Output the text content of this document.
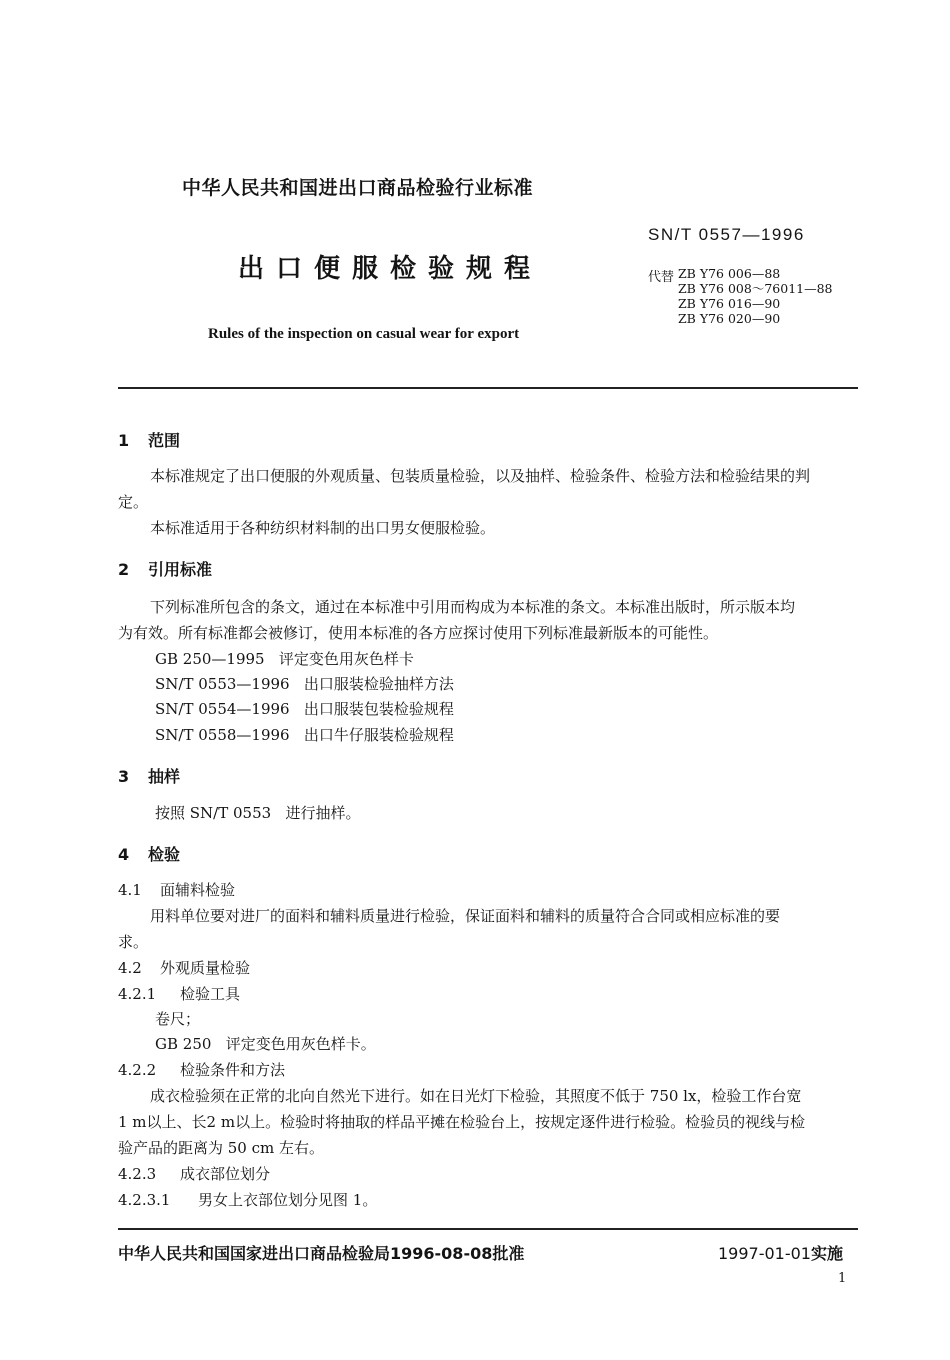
中华人民共和国进出口商品检验行业标准
SN/T 0557—1996
出口便服检验规程	代替 ZB Y76 006—88
ZB Y76 008～76011—88
ZB Y76 016—90
ZB Y76 020—90
Rules of the inspection on casual wear for export
1 范围
本标准规定了出口便服的外观质量、包装质量检验，以及抽样、检验条件、检验方法和检验结果的判
定。
本标准适用于各种纺织材料制的出口男女便服检验。
2 引用标准
下列标准所包含的条文，通过在本标准中引用而构成为本标准的条文。本标准出版时，所示版本均
为有效。所有标准都会被修订，使用本标准的各方应探讨使用下列标准最新版本的可能性。
GB 250—1995 评定变色用灰色样卡
SN/T 0553—1996 出口服装检验抽样方法
SN/T 0554—1996 出口服装包装检验规程
SN/T 0558—1996 出口牛仔服装检验规程
3 抽样
按照 SN/T 0553   进行抽样。
4 检验
4.1 面辅料检验
用料单位要对进厂的面料和辅料质量进行检验，保证面料和辅料的质量符合合同或相应标准的要
求。
4.2 外观质量检验
4.2.1 检验工具
卷尺；
GB 250   评定变色用灰色样卡。
4.2.2 检验条件和方法
成衣检验须在正常的北向自然光下进行。如在日光灯下检验，其照度不低于 750 lx，检验工作台宽
1 m以上、长2 m以上。检验时将抽取的样品平摊在检验台上，按规定逐件进行检验。检验员的视线与检
验产品的距离为 50 cm 左右。
4.2.3 成衣部位划分
4.2.3.1 男女上衣部位划分见图 1。
中华人民共和国国家进出口商品检验局1996-08-08批准	1997-01-01实施
1
